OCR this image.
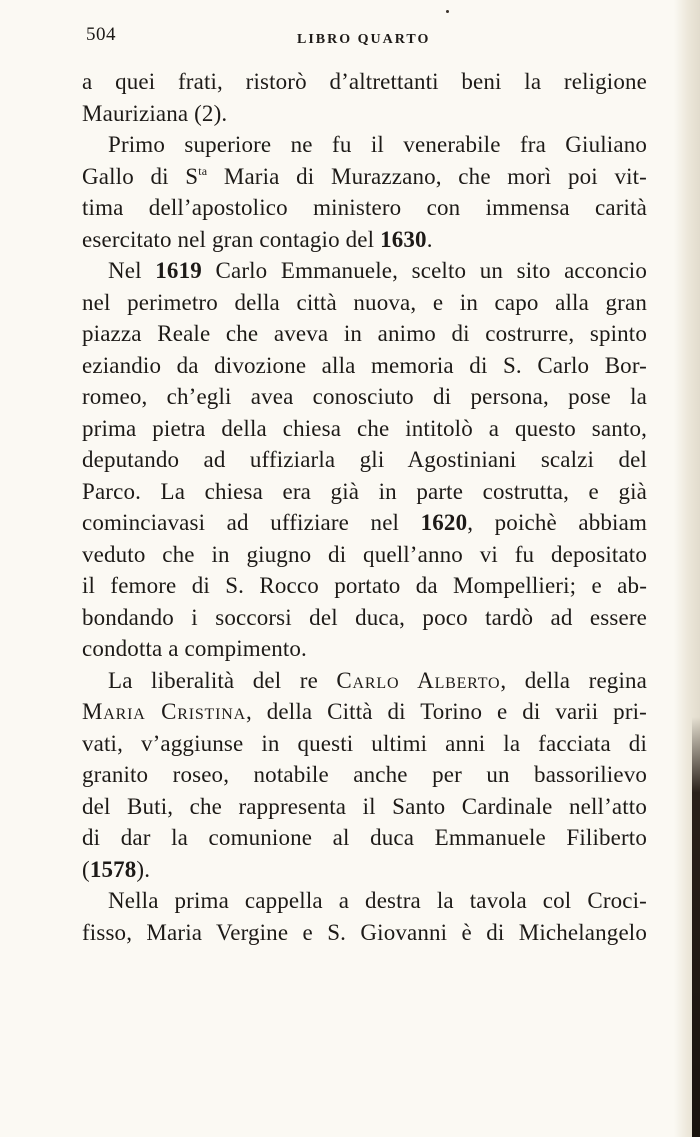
504	LIBRO QUARTO
a quei frati, ristorò d’altrettanti beni la religione
Mauriziana (2).
Primo superiore ne fu il venerabile fra Giuliano
Gallo di $S^{ta}$ Maria di Murazzano, che morì poi vit-
tima dell’apostolico ministero con immensa carità
esercitato nel gran contagio del 1630.
Nel 1619 Carlo Emmanuele, scelto un sito acconcio
nel perimetro della città nuova, e in capo alla gran
piazza Reale che aveva in animo di costrurre, spinto
eziandio da divozione alla memoria di S. Carlo Bor-
romeo, ch’egli avea conosciuto di persona, pose la
prima pietra della chiesa che intitolò a questo santo,
deputando ad uffiziarla gli Agostiniani scalzi del
Parco. La chiesa era già in parte costrutta, e già
cominciavasi ad uffiziare nel 1620, poichè abbiam
veduto che in giugno di quell’anno vi fu depositato
il femore di S. Rocco portato da Mompellieri; e ab-
bondando i soccorsi del duca, poco tardò ad essere
condotta a compimento.
La liberalità del re Carlo Alberto, della regina
Maria Cristina, della Città di Torino e di varii pri-
vati, v’aggiunse in questi ultimi anni la facciata di
granito roseo, notabile anche per un bassorilievo
del Buti, che rappresenta il Santo Cardinale nell’atto
di dar la comunione al duca Emmanuele Filiberto
(1578).
Nella prima cappella a destra la tavola col Croci-
fisso, Maria Vergine e S. Giovanni è di Michelangelo
